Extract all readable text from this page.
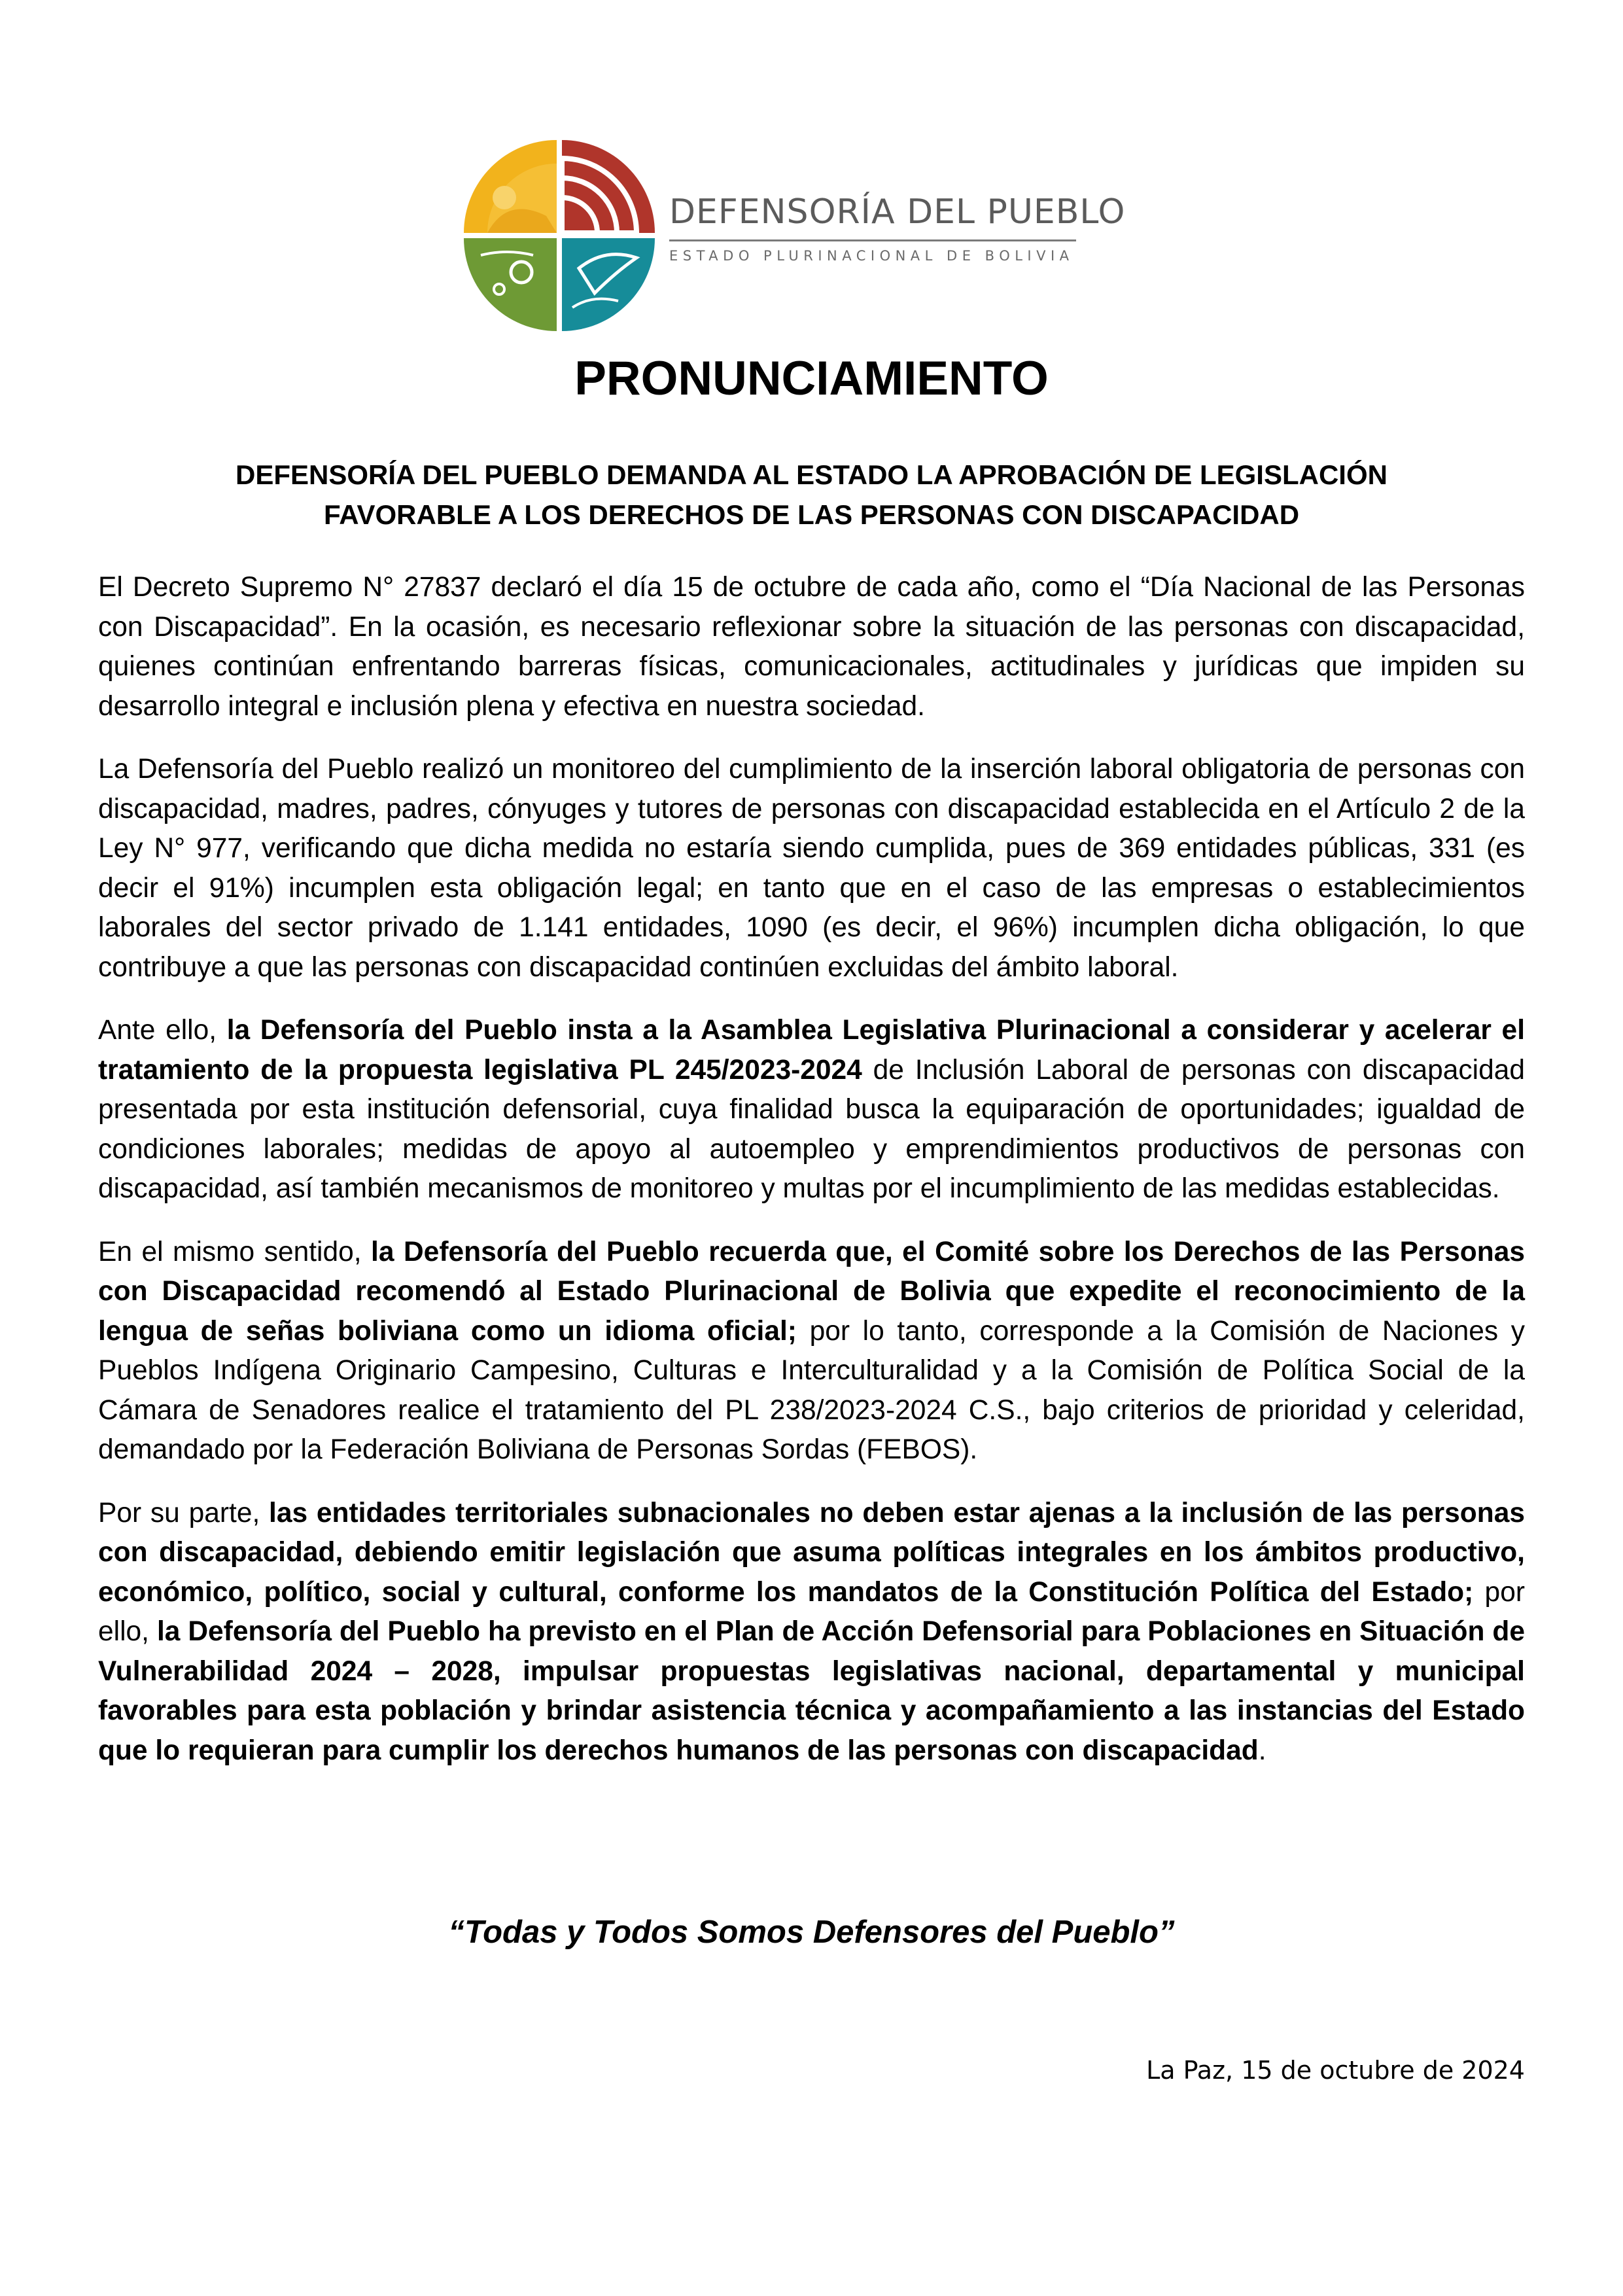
DEFENSORÍA DEL PUEBLO
ESTADO PLURINACIONAL DE BOLIVIA
PRONUNCIAMIENTO
DEFENSORÍA DEL PUEBLO DEMANDA AL ESTADO LA APROBACIÓN DE LEGISLACIÓN
FAVORABLE A LOS DERECHOS DE LAS PERSONAS CON DISCAPACIDAD

El Decreto Supremo N° 27837 declaró el día 15 de octubre de cada año, como el “Día Nacional de las Personas con Discapacidad”. En la ocasión, es necesario reflexionar sobre la situación de las personas con discapacidad, quienes continúan enfrentando barreras físicas, comunicacionales, actitudinales y jurídicas que impiden su desarrollo integral e inclusión plena y efectiva en nuestra sociedad.

La Defensoría del Pueblo realizó un monitoreo del cumplimiento de la inserción laboral obligatoria de personas con discapacidad, madres, padres, cónyuges y tutores de personas con discapacidad establecida en el Artículo 2 de la Ley N° 977, verificando que dicha medida no estaría siendo cumplida, pues de 369 entidades públicas, 331 (es decir el 91%) incumplen esta obligación legal; en tanto que en el caso de las empresas o establecimientos laborales del sector privado de 1.141 entidades, 1090 (es decir, el 96%) incumplen dicha obligación, lo que contribuye a que las personas con discapacidad continúen excluidas del ámbito laboral.

Ante ello, la Defensoría del Pueblo insta a la Asamblea Legislativa Plurinacional a considerar y acelerar el tratamiento de la propuesta legislativa PL 245/2023-2024 de Inclusión Laboral de personas con discapacidad presentada por esta institución defensorial, cuya finalidad busca la equiparación de oportunidades; igualdad de condiciones laborales; medidas de apoyo al autoempleo y emprendimientos productivos de personas con discapacidad, así también mecanismos de monitoreo y multas por el incumplimiento de las medidas establecidas.

En el mismo sentido, la Defensoría del Pueblo recuerda que, el Comité sobre los Derechos de las Personas con Discapacidad recomendó al Estado Plurinacional de Bolivia que expedite el reconocimiento de la lengua de señas boliviana como un idioma oficial; por lo tanto, corresponde a la Comisión de Naciones y Pueblos Indígena Originario Campesino, Culturas e Interculturalidad y a la Comisión de Política Social de la Cámara de Senadores realice el tratamiento del PL 238/2023-2024 C.S., bajo criterios de prioridad y celeridad, demandado por la Federación Boliviana de Personas Sordas (FEBOS).

Por su parte, las entidades territoriales subnacionales no deben estar ajenas a la inclusión de las personas con discapacidad, debiendo emitir legislación que asuma políticas integrales en los ámbitos productivo, económico, político, social y cultural, conforme los mandatos de la Constitución Política del Estado; por ello, la Defensoría del Pueblo ha previsto en el Plan de Acción Defensorial para Poblaciones en Situación de Vulnerabilidad 2024 – 2028, impulsar propuestas legislativas nacional, departamental y municipal favorables para esta población y brindar asistencia técnica y acompañamiento a las instancias del Estado que lo requieran para cumplir los derechos humanos de las personas con discapacidad.

“Todas y Todos Somos Defensores del Pueblo”

La Paz, 15 de octubre de 2024
